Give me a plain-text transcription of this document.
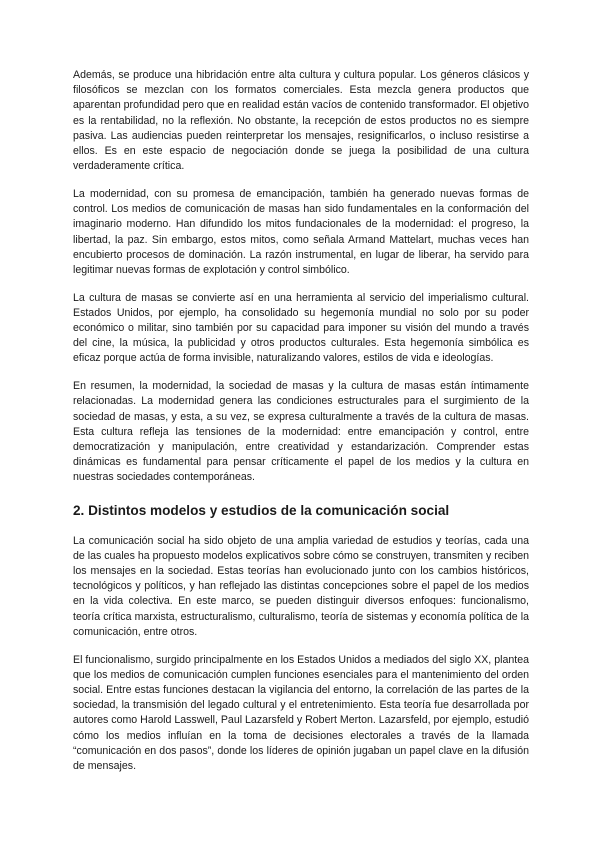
Además, se produce una hibridación entre alta cultura y cultura popular. Los géneros clásicos y filosóficos se mezclan con los formatos comerciales. Esta mezcla genera productos que aparentan profundidad pero que en realidad están vacíos de contenido transformador. El objetivo es la rentabilidad, no la reflexión. No obstante, la recepción de estos productos no es siempre pasiva. Las audiencias pueden reinterpretar los mensajes, resignificarlos, o incluso resistirse a ellos. Es en este espacio de negociación donde se juega la posibilidad de una cultura verdaderamente crítica.

La modernidad, con su promesa de emancipación, también ha generado nuevas formas de control. Los medios de comunicación de masas han sido fundamentales en la conformación del imaginario moderno. Han difundido los mitos fundacionales de la modernidad: el progreso, la libertad, la paz. Sin embargo, estos mitos, como señala Armand Mattelart, muchas veces han encubierto procesos de dominación. La razón instrumental, en lugar de liberar, ha servido para legitimar nuevas formas de explotación y control simbólico.

La cultura de masas se convierte así en una herramienta al servicio del imperialismo cultural. Estados Unidos, por ejemplo, ha consolidado su hegemonía mundial no solo por su poder económico o militar, sino también por su capacidad para imponer su visión del mundo a través del cine, la música, la publicidad y otros productos culturales. Esta hegemonía simbólica es eficaz porque actúa de forma invisible, naturalizando valores, estilos de vida e ideologías.

En resumen, la modernidad, la sociedad de masas y la cultura de masas están íntimamente relacionadas. La modernidad genera las condiciones estructurales para el surgimiento de la sociedad de masas, y esta, a su vez, se expresa culturalmente a través de la cultura de masas. Esta cultura refleja las tensiones de la modernidad: entre emancipación y control, entre democratización y manipulación, entre creatividad y estandarización. Comprender estas dinámicas es fundamental para pensar críticamente el papel de los medios y la cultura en nuestras sociedades contemporáneas.

2. Distintos modelos y estudios de la comunicación social

La comunicación social ha sido objeto de una amplia variedad de estudios y teorías, cada una de las cuales ha propuesto modelos explicativos sobre cómo se construyen, transmiten y reciben los mensajes en la sociedad. Estas teorías han evolucionado junto con los cambios históricos, tecnológicos y políticos, y han reflejado las distintas concepciones sobre el papel de los medios en la vida colectiva. En este marco, se pueden distinguir diversos enfoques: funcionalismo, teoría crítica marxista, estructuralismo, culturalismo, teoría de sistemas y economía política de la comunicación, entre otros.

El funcionalismo, surgido principalmente en los Estados Unidos a mediados del siglo XX, plantea que los medios de comunicación cumplen funciones esenciales para el mantenimiento del orden social. Entre estas funciones destacan la vigilancia del entorno, la correlación de las partes de la sociedad, la transmisión del legado cultural y el entretenimiento. Esta teoría fue desarrollada por autores como Harold Lasswell, Paul Lazarsfeld y Robert Merton. Lazarsfeld, por ejemplo, estudió cómo los medios influían en la toma de decisiones electorales a través de la llamada “comunicación en dos pasos”, donde los líderes de opinión jugaban un papel clave en la difusión de mensajes.
